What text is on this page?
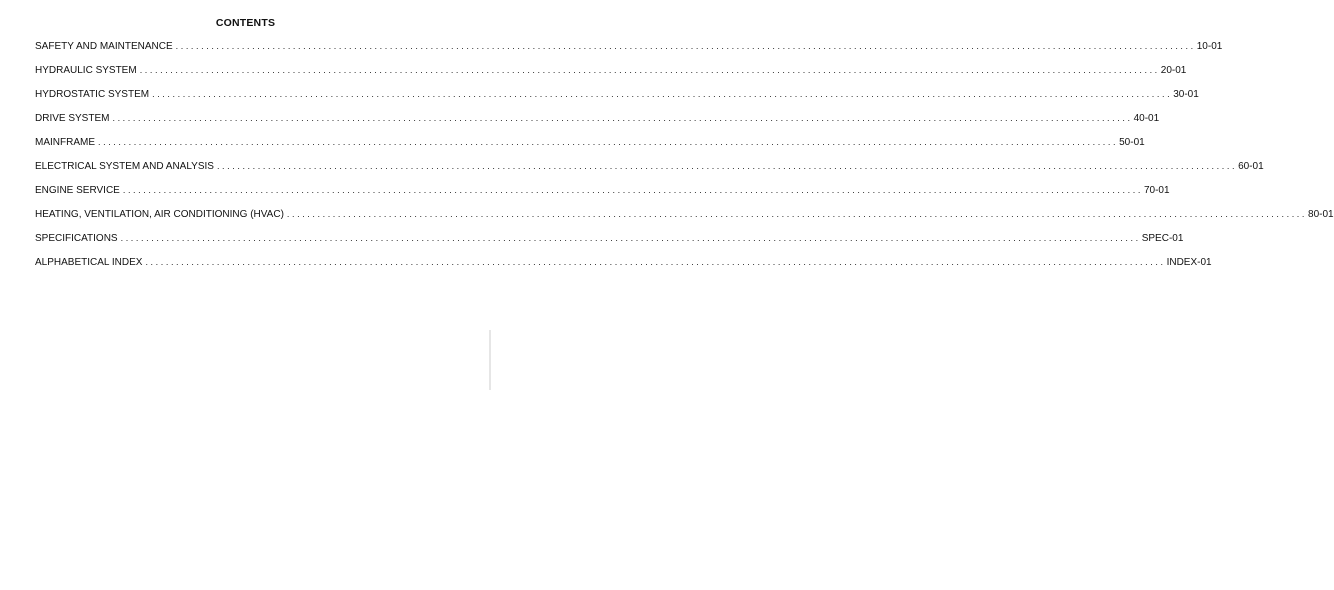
CONTENTS
SAFETY AND MAINTENANCE ........................................................................................................................................................................................................ 10-01
HYDRAULIC SYSTEM ........................................................................................................................................................................................................ 20-01
HYDROSTATIC SYSTEM ........................................................................................................................................................................................................ 30-01
DRIVE SYSTEM ........................................................................................................................................................................................................ 40-01
MAINFRAME ........................................................................................................................................................................................................ 50-01
ELECTRICAL SYSTEM AND ANALYSIS ........................................................................................................................................................................................................ 60-01
ENGINE SERVICE ........................................................................................................................................................................................................ 70-01
HEATING, VENTILATION, AIR CONDITIONING (HVAC) ........................................................................................................................................................................................................ 80-01
SPECIFICATIONS ........................................................................................................................................................................................................ SPEC-01
ALPHABETICAL INDEX ........................................................................................................................................................................................................ INDEX-01
